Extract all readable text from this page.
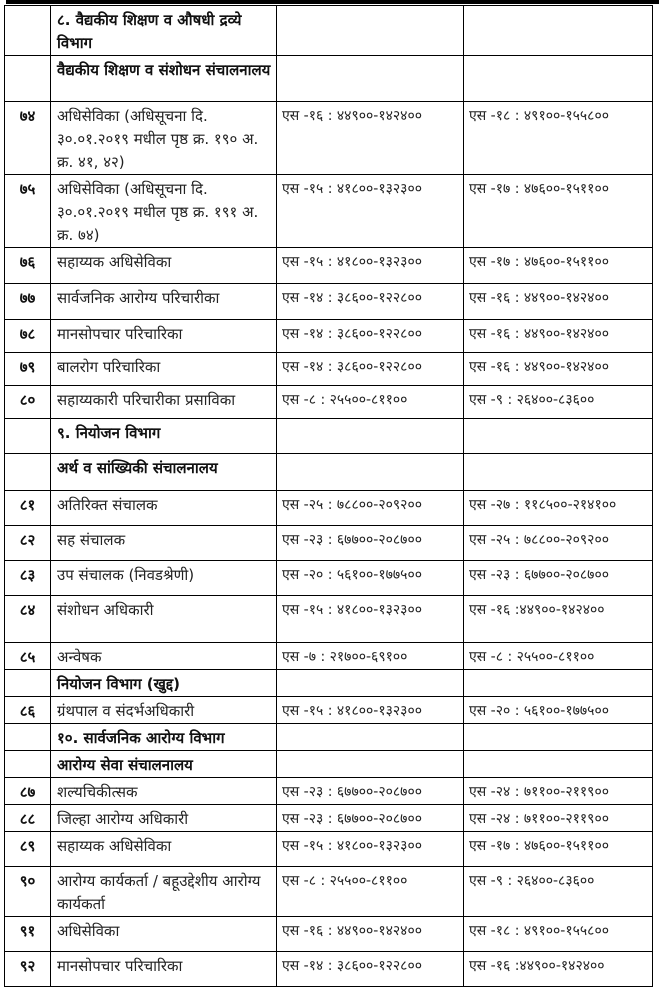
	८. वैद्यकीय शिक्षण व औषधी द्रव्ये विभाग		
	वैद्यकीय शिक्षण व संशोधन संचालनालय		
७४	अधिसेविका (अधिसूचना दि. ३०.०१.२०१९ मधील पृष्ठ क्र. १९० अ. क्र. ४१, ४२)	एस -१६ : ४४९००-१४२४००	एस -१८ : ४९१००-१५५८००
७५	अधिसेविका (अधिसूचना दि. ३०.०१.२०१९ मधील पृष्ठ क्र. १९१ अ. क्र. ७४)	एस -१५ : ४१८००-१३२३००	एस -१७ : ४७६००-१५११००
७६	सहाय्यक अधिसेविका	एस -१५ : ४१८००-१३२३००	एस -१७ : ४७६००-१५११००
७७	सार्वजनिक आरोग्य परिचारीका	एस -१४ : ३८६००-१२२८००	एस -१६ : ४४९००-१४२४००
७८	मानसोपचार परिचारिका	एस -१४ : ३८६००-१२२८००	एस -१६ : ४४९००-१४२४००
७९	बालरोग परिचारिका	एस -१४ : ३८६००-१२२८००	एस -१६ : ४४९००-१४२४००
८०	सहाय्यकारी परिचारीका प्रसाविका	एस -८ : २५५००-८११००	एस -९ : २६४००-८३६००
	९. नियोजन विभाग		
	अर्थ व सांख्यिकी संचालनालय		
८१	अतिरिक्त संचालक	एस -२५ : ७८८००-२०९२००	एस -२७ : ११८५००-२१४१००
८२	सह संचालक	एस -२३ : ६७७००-२०८७००	एस -२५ : ७८८००-२०९२००
८३	उप संचालक (निवडश्रेणी)	एस -२० : ५६१००-१७७५००	एस -२३ : ६७७००-२०८७००
८४	संशोधन अधिकारी	एस -१५ : ४१८००-१३२३००	एस -१६ :४४९००-१४२४००
८५	अन्वेषक	एस -७ : २१७००-६९१००	एस -८ : २५५००-८११००
	नियोजन विभाग (खुद्द)		
८६	ग्रंथपाल व संदर्भअधिकारी	एस -१५ : ४१८००-१३२३००	एस -२० : ५६१००-१७७५००
	१०. सार्वजनिक आरोग्य विभाग		
	आरोग्य सेवा संचालनालय		
८७	शल्यचिकीत्सक	एस -२३ : ६७७००-२०८७००	एस -२४ : ७११००-२११९००
८८	जिल्हा आरोग्य अधिकारी	एस -२३ : ६७७००-२०८७००	एस -२४ : ७११००-२११९००
८९	सहाय्यक अधिसेविका	एस -१५ : ४१८००-१३२३००	एस -१७ : ४७६००-१५११००
९०	आरोग्य कार्यकर्ता / बहूउद्देशीय आरोग्य कार्यकर्ता	एस -८ : २५५००-८११००	एस -९ : २६४००-८३६००
९१	अधिसेविका	एस -१६ : ४४९००-१४२४००	एस -१८ : ४९१००-१५५८००
९२	मानसोपचार परिचारिका	एस -१४ : ३८६००-१२२८००	एस -१६ :४४९००-१४२४००
